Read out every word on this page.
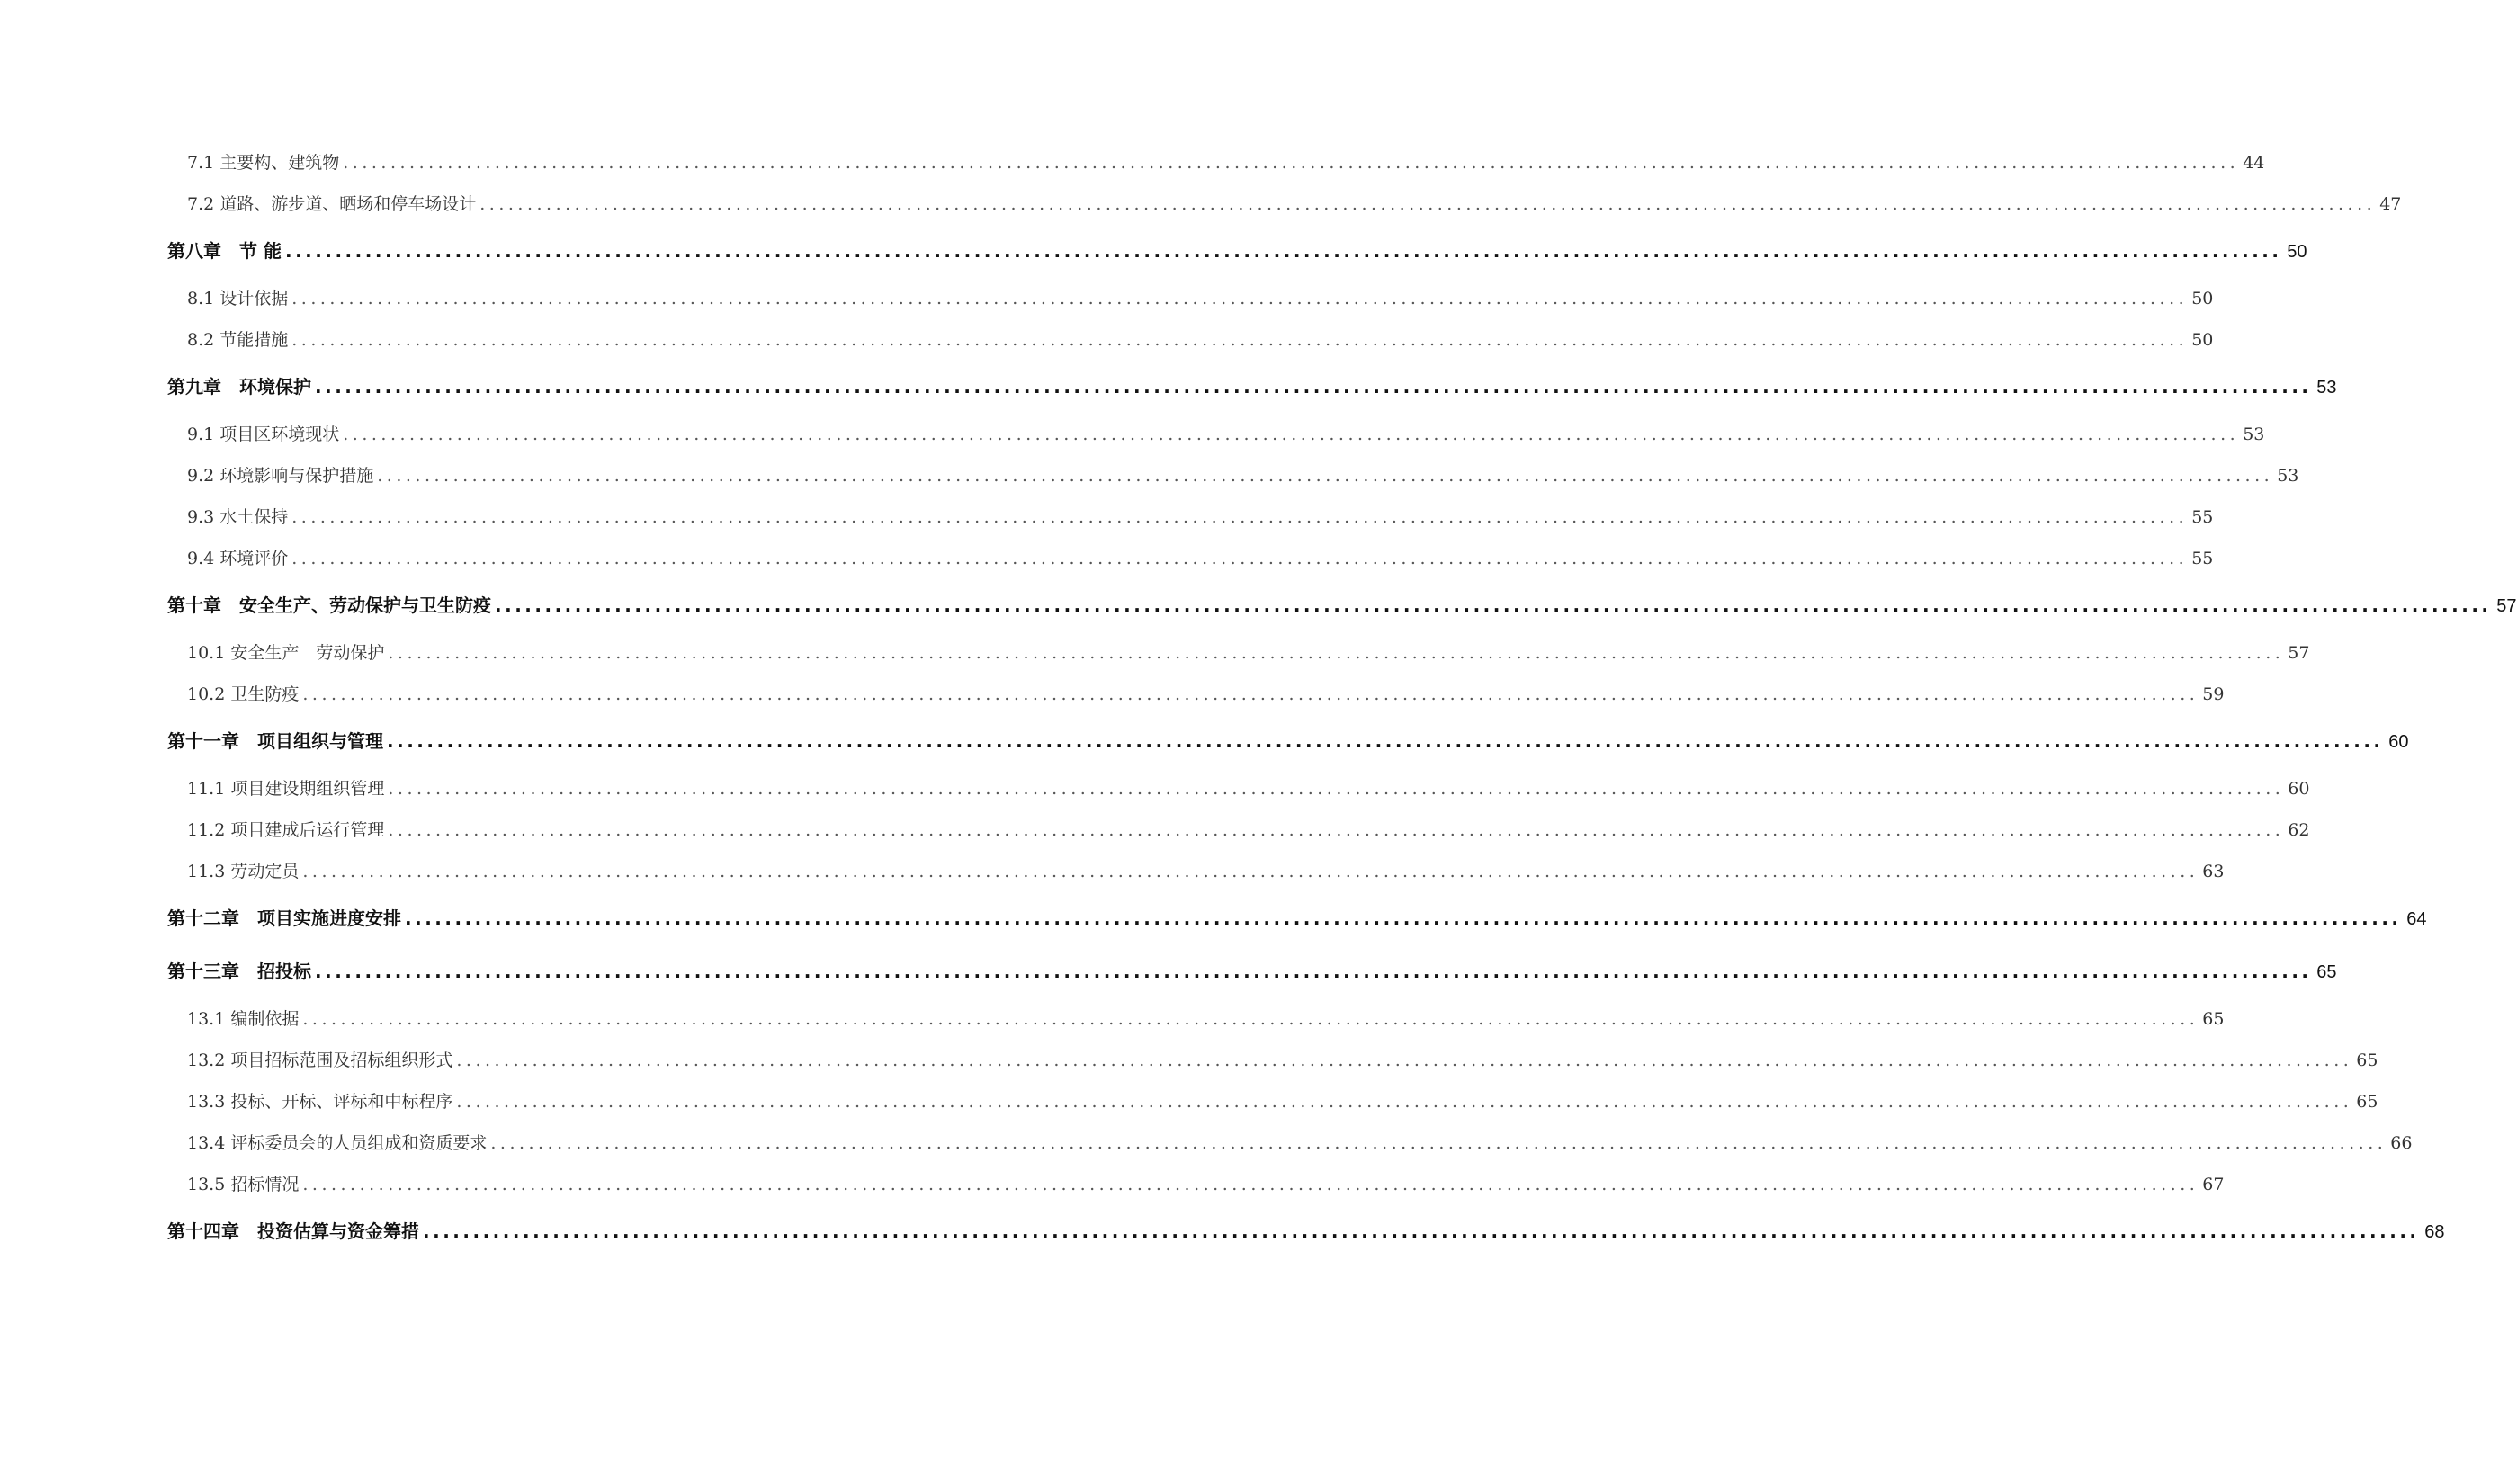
7.1 主要构、建筑物 ........................................................................................................................................................................................................ 44
7.2 道路、游步道、晒场和停车场设计 ........................................................................................................................................................................................................ 47
第八章　节 能 ........................................................................................................................................................................................................ 50
8.1 设计依据 ........................................................................................................................................................................................................ 50
8.2 节能措施 ........................................................................................................................................................................................................ 50
第九章　环境保护 ........................................................................................................................................................................................................ 53
9.1 项目区环境现状 ........................................................................................................................................................................................................ 53
9.2 环境影响与保护措施 ........................................................................................................................................................................................................ 53
9.3 水土保持 ........................................................................................................................................................................................................ 55
9.4 环境评价 ........................................................................................................................................................................................................ 55
第十章　安全生产、劳动保护与卫生防疫 ........................................................................................................................................................................................................ 57
10.1 安全生产　劳动保护 ........................................................................................................................................................................................................ 57
10.2 卫生防疫 ........................................................................................................................................................................................................ 59
第十一章　项目组织与管理 ........................................................................................................................................................................................................ 60
11.1 项目建设期组织管理 ........................................................................................................................................................................................................ 60
11.2 项目建成后运行管理 ........................................................................................................................................................................................................ 62
11.3 劳动定员 ........................................................................................................................................................................................................ 63
第十二章　项目实施进度安排 ........................................................................................................................................................................................................ 64
第十三章　招投标 ........................................................................................................................................................................................................ 65
13.1 编制依据 ........................................................................................................................................................................................................ 65
13.2 项目招标范围及招标组织形式 ........................................................................................................................................................................................................ 65
13.3 投标、开标、评标和中标程序 ........................................................................................................................................................................................................ 65
13.4 评标委员会的人员组成和资质要求 ........................................................................................................................................................................................................ 66
13.5 招标情况 ........................................................................................................................................................................................................ 67
第十四章　投资估算与资金筹措 ........................................................................................................................................................................................................ 68
